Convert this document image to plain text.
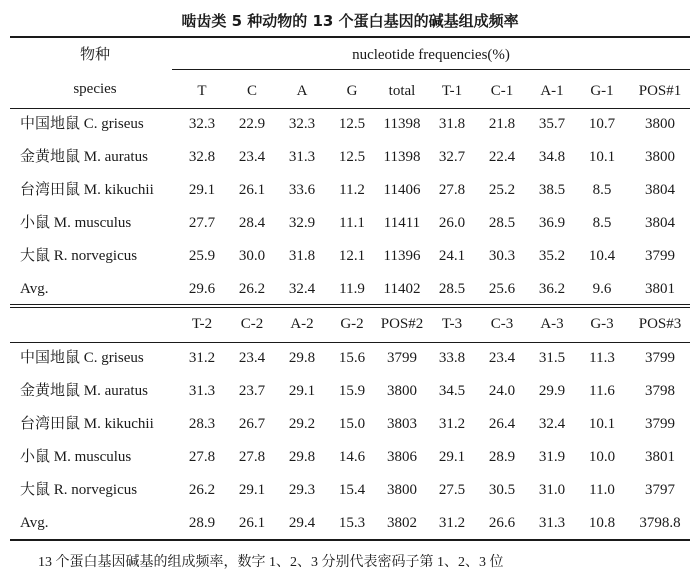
啮齿类 5 种动物的 13 个蛋白基因的碱基组成频率
物种
species
nucleotide frequencies(%)
T	C	A	G	total	T-1	C-1	A-1	G-1	POS#1
中国地鼠 C. griseus	32.3	22.9	32.3	12.5	11398	31.8	21.8	35.7	10.7	3800
金黄地鼠 M. auratus	32.8	23.4	31.3	12.5	11398	32.7	22.4	34.8	10.1	3800
台湾田鼠 M. kikuchii	29.1	26.1	33.6	11.2	11406	27.8	25.2	38.5	8.5	3804
小鼠 M. musculus	27.7	28.4	32.9	11.1	11411	26.0	28.5	36.9	8.5	3804
大鼠 R. norvegicus	25.9	30.0	31.8	12.1	11396	24.1	30.3	35.2	10.4	3799
Avg.	29.6	26.2	32.4	11.9	11402	28.5	25.6	36.2	9.6	3801
T-2	C-2	A-2	G-2	POS#2	T-3	C-3	A-3	G-3	POS#3
中国地鼠 C. griseus	31.2	23.4	29.8	15.6	3799	33.8	23.4	31.5	11.3	3799
金黄地鼠 M. auratus	31.3	23.7	29.1	15.9	3800	34.5	24.0	29.9	11.6	3798
台湾田鼠 M. kikuchii	28.3	26.7	29.2	15.0	3803	31.2	26.4	32.4	10.1	3799
小鼠 M. musculus	27.8	27.8	29.8	14.6	3806	29.1	28.9	31.9	10.0	3801
大鼠 R. norvegicus	26.2	29.1	29.3	15.4	3800	27.5	30.5	31.0	11.0	3797
Avg.	28.9	26.1	29.4	15.3	3802	31.2	26.6	31.3	10.8	3798.8
13 个蛋白基因碱基的组成频率，数字 1、2、3 分别代表密码子第 1、2、3 位
